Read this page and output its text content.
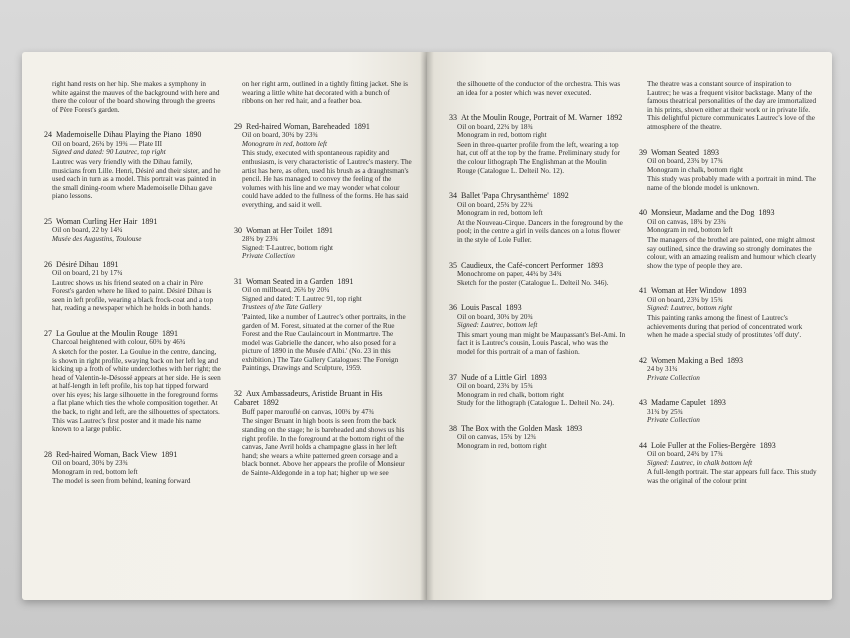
right hand rests on her hip. She makes a symphony in white against the mauves of the background with here and there the colour of the board showing through the greens of Père Forest's garden.
24 Mademoiselle Dihau Playing the Piano 1890
Oil on board, 26¾ by 19¾ — Plate III
Signed and dated: 90 Lautrec, top right
Lautrec was very friendly with the Dihau family, musicians from Lille. Henri, Désiré and their sister, and he used each in turn as a model. This portrait was painted in the small dining-room where Mademoiselle Dihau gave piano lessons.
25 Woman Curling Her Hair 1891
Oil on board, 22 by 14¾
Musée des Augustins, Toulouse
26 Désiré Dihau 1891
Oil on board, 21 by 17¾
Lautrec shows us his friend seated on a chair in Père Forest's garden where he liked to paint. Désiré Dihau is seen in left profile, wearing a black frock-coat and a top hat, reading a newspaper which he holds in both hands.
27 La Goulue at the Moulin Rouge 1891
Charcoal heightened with colour, 60¾ by 46¾
A sketch for the poster. La Goulue in the centre, dancing, is shown in right profile, swaying back on her left leg and kicking up a froth of white underclothes with her right; the head of Valentin-le-Désossé appears at her side. He is seen at half-length in left profile, his top hat tipped forward over his eyes; his large silhouette in the foreground forms a flat plane which ties the whole composition together. At the back, to right and left, are the silhouettes of spectators. This was Lautrec's first poster and it made his name known to a large public.
28 Red-haired Woman, Back View 1891
Oil on board, 30¾ by 23¾
Monogram in red, bottom left
The model is seen from behind, leaning forward
on her right arm, outlined in a tightly fitting jacket. She is wearing a little white hat decorated with a bunch of ribbons on her red hair, and a feather boa.
29 Red-haired Woman, Bareheaded 1891
Oil on board, 30¾ by 23¾
Monogram in red, bottom left
This study, executed with spontaneous rapidity and enthusiasm, is very characteristic of Lautrec's mastery. The artist has here, as often, used his brush as a draughtsman's pencil. He has managed to convey the feeling of the volumes with his line and we may wonder what colour could have added to the fullness of the forms. He has said everything, and said it well.
30 Woman at Her Toilet 1891
28¾ by 23¾
Signed: T-Lautrec, bottom right
Private Collection
31 Woman Seated in a Garden 1891
Oil on millboard, 26¾ by 20¾
Signed and dated: T. Lautrec 91, top right
Trustees of the Tate Gallery
'Painted, like a number of Lautrec's other portraits, in the garden of M. Forest, situated at the corner of the Rue Forest and the Rue Caulaincourt in Montmartre. The model was Gabrielle the dancer, who also posed for a picture of 1890 in the Musée d'Albi.' (No. 23 in this exhibition.) The Tate Gallery Catalogues: The Foreign Paintings, Drawings and Sculpture, 1959.
32 Aux Ambassadeurs, Aristide Bruant in His Cabaret 1892
Buff paper marouflé on canvas, 100¾ by 47¾
The singer Bruant in high boots is seen from the back standing on the stage; he is bareheaded and shows us his right profile. In the foreground at the bottom right of the canvas, Jane Avril holds a champagne glass in her left hand; she wears a white patterned green corsage and a black bonnet. Above her appears the profile of Monsieur de Sainte-Aldegonde in a top hat; higher up we see
the silhouette of the conductor of the orchestra. This was an idea for a poster which was never executed.
33 At the Moulin Rouge, Portrait of M. Warner 1892
Oil on board, 22¾ by 18¾
Monogram in red, bottom right
Seen in three-quarter profile from the left, wearing a top hat, cut off at the top by the frame. Preliminary study for the colour lithograph The Englishman at the Moulin Rouge (Catalogue L. Delteil No. 12).
34 Ballet 'Papa Chrysanthème' 1892
Oil on board, 25¾ by 22¾
Monogram in red, bottom left
At the Nouveau-Cirque. Dancers in the foreground by the pool; in the centre a girl in veils dances on a lotus flower in the style of Loïe Fuller.
35 Caudieux, the Café-concert Performer 1893
Monochrome on paper, 44¾ by 34¾
Sketch for the poster (Catalogue L. Delteil No. 346).
36 Louis Pascal 1893
Oil on board, 30¾ by 20¾
Signed: Lautrec, bottom left
This smart young man might be Maupassant's Bel-Ami. In fact it is Lautrec's cousin, Louis Pascal, who was the model for this portrait of a man of fashion.
37 Nude of a Little Girl 1893
Oil on board, 23¾ by 15¾
Monogram in red chalk, bottom right
Study for the lithograph (Catalogue L. Delteil No. 24).
38 The Box with the Golden Mask 1893
Oil on canvas, 15¾ by 12¾
Monogram in red, bottom right
The theatre was a constant source of inspiration to Lautrec; he was a frequent visitor backstage. Many of the famous theatrical personalities of the day are immortalized in his prints, shown either at their work or in private life. This delightful picture communicates Lautrec's love of the atmosphere of the theatre.
39 Woman Seated 1893
Oil on board, 23¾ by 17¾
Monogram in chalk, bottom right
This study was probably made with a portrait in mind. The name of the blonde model is unknown.
40 Monsieur, Madame and the Dog 1893
Oil on canvas, 18¾ by 23¾
Monogram in red, bottom left
The managers of the brothel are painted, one might almost say outlined, since the drawing so strongly dominates the colour, with an amazing realism and humour which clearly show the type of people they are.
41 Woman at Her Window 1893
Oil on board, 23¾ by 15¾
Signed: Lautrec, bottom right
This painting ranks among the finest of Lautrec's achievements during that period of concentrated work when he made a special study of prostitutes 'off duty'.
42 Women Making a Bed 1893
24 by 31¾
Private Collection
43 Madame Capulet 1893
31¾ by 25¾
Private Collection
44 Loïe Fuller at the Folies-Bergère 1893
Oil on board, 24¾ by 17¾
Signed: Lautrec, in chalk bottom left
A full-length portrait. The star appears full face. This study was the original of the colour print
